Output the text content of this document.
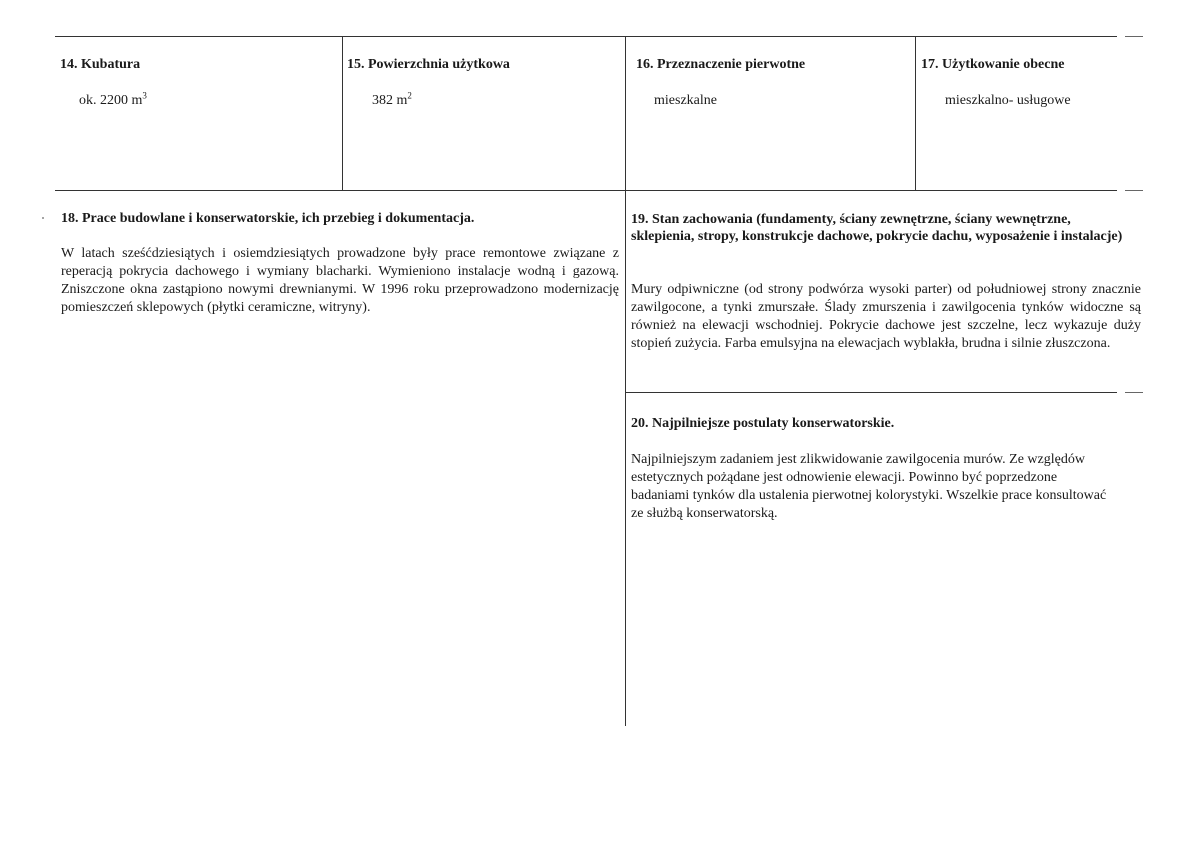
14. Kubatura
ok. 2200 $m^3$
15. Powierzchnia użytkowa
382 $m^2$
16. Przeznaczenie pierwotne
mieszkalne
17. Użytkowanie obecne
mieszkalno- usługowe
18. Prace budowlane i konserwatorskie, ich przebieg i dokumentacja.

W latach sześćdziesiątych i osiemdziesiątych prowadzone były prace remontowe związane z reperacją pokrycia dachowego i wymiany blacharki. Wymieniono instalacje wodną i gazową. Zniszczone okna zastąpiono nowymi drewnianymi. W 1996 roku przeprowadzono modernizację pomieszczeń sklepowych (płytki ceramiczne, witryny).

19. Stan zachowania (fundamenty, ściany zewnętrzne, ściany wewnętrzne, sklepienia, stropy, konstrukcje dachowe, pokrycie dachu, wyposażenie i instalacje)

Mury odpiwniczne (od strony podwórza wysoki parter) od południowej strony znacznie zawilgocone, a tynki zmurszałe. Ślady zmurszenia i zawilgocenia tynków widoczne są również na elewacji wschodniej. Pokrycie dachowe jest szczelne, lecz wykazuje duży stopień zużycia. Farba emulsyjna na elewacjach wyblakła, brudna i silnie złuszczona.

20. Najpilniejsze postulaty konserwatorskie.

Najpilniejszym zadaniem jest zlikwidowanie zawilgocenia murów. Ze względów estetycznych pożądane jest odnowienie elewacji. Powinno być poprzedzone badaniami tynków dla ustalenia pierwotnej kolorystyki. Wszelkie prace konsultować ze służbą konserwatorską.
